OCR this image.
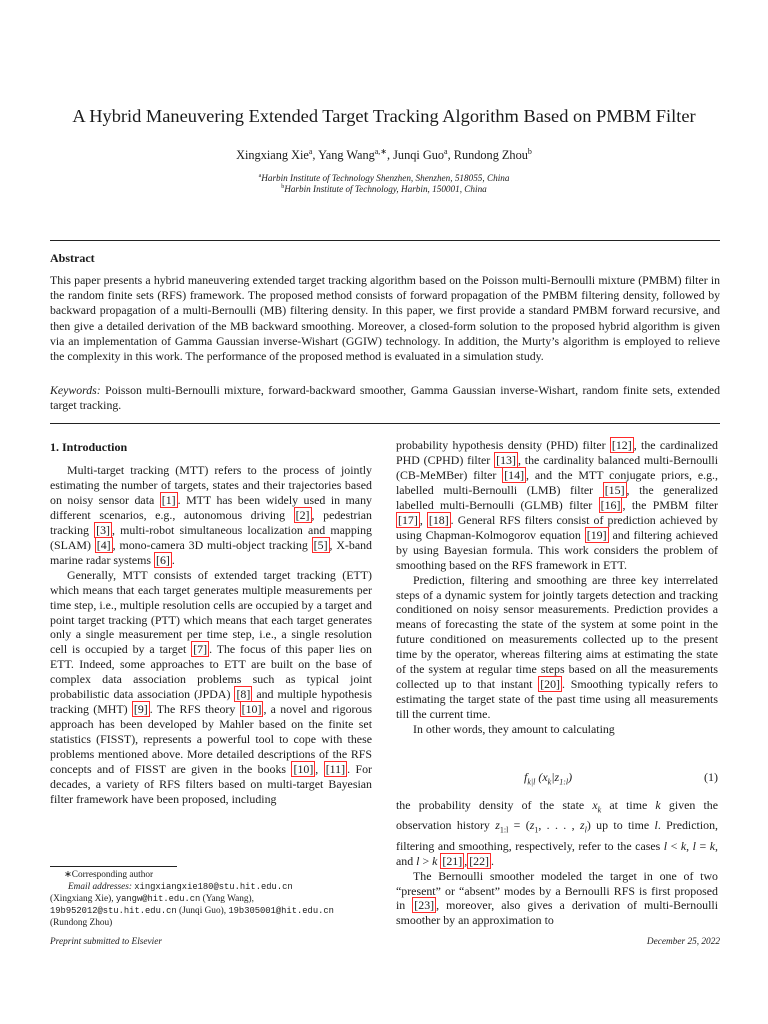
A Hybrid Maneuvering Extended Target Tracking Algorithm Based on PMBM Filter
Xingxiang Xie$^a$, Yang Wang$^{a,∗}$, Junqi Guo$^a$, Rundong Zhou$^b$
$^a$Harbin Institute of Technology Shenzhen, Shenzhen, 518055, China
$^b$Harbin Institute of Technology, Harbin, 150001, China
Abstract
This paper presents a hybrid maneuvering extended target tracking algorithm based on the Poisson multi-Bernoulli mixture (PMBM) filter in the random finite sets (RFS) framework. The proposed method consists of forward propagation of the PMBM filtering density, followed by backward propagation of a multi-Bernoulli (MB) filtering density. In this paper, we first provide a standard PMBM forward recursive, and then give a detailed derivation of the MB backward smoothing. Moreover, a closed-form solution to the proposed hybrid algorithm is given via an implementation of Gamma Gaussian inverse-Wishart (GGIW) technology. In addition, the Murty’s algorithm is employed to relieve the complexity in this work. The performance of the proposed method is evaluated in a simulation study.
Keywords: Poisson multi-Bernoulli mixture, forward-backward smoother, Gamma Gaussian inverse-Wishart, random finite sets, extended target tracking.
1. Introduction

Multi-target tracking (MTT) refers to the process of jointly estimating the number of targets, states and their trajectories based on noisy sensor data [1] . MTT has been widely used in many different scenarios, e.g., autonomous driving [2] , pedestrian tracking [3] , multi-robot simultaneous localization and mapping (SLAM) [4] , mono-camera 3D multi-object tracking [5] , X-band marine radar systems [6] .

Generally, MTT consists of extended target tracking (ETT) which means that each target generates multiple measurements per time step, i.e., multiple resolution cells are occupied by a target and point target tracking (PTT) which means that each target generates only a single measurement per time step, i.e., a single resolution cell is occupied by a target [7] . The focus of this paper lies on ETT. Indeed, some approaches to ETT are built on the base of complex data association problems such as typical joint probabilistic data association (JPDA) [8] and multiple hypothesis tracking (MHT) [9] . The RFS theory [10] , a novel and rigorous approach has been developed by Mahler based on the finite set statistics (FISST), represents a powerful tool to cope with these problems mentioned above. More detailed descriptions of the RFS concepts and of FISST are given in the books [10] , [11] . For decades, a variety of RFS filters based on multi-target Bayesian filter framework have been proposed, including

probability hypothesis density (PHD) filter [12] , the cardinalized PHD (CPHD) filter [13] , the cardinality balanced multi-Bernoulli (CB-MeMBer) filter [14] , and the MTT conjugate priors, e.g., labelled multi-Bernoulli (LMB) filter [15] , the generalized labelled multi-Bernoulli (GLMB) filter [16] , the PMBM filter [17] , [18] . General RFS filters consist of prediction achieved by using Chapman-Kolmogorov equation [19] and filtering achieved by using Bayesian formula. This work considers the problem of smoothing based on the RFS framework in ETT.

Prediction, filtering and smoothing are three key interrelated steps of a dynamic system for jointly targets detection and tracking conditioned on noisy sensor measurements. Prediction provides a means of forecasting the state of the system at some point in the future conditioned on measurements collected up to the present time by the operator, whereas filtering aims at estimating the state of the system at regular time steps based on all the measurements collected up to that instant [20] . Smoothing typically refers to estimating the target state of the past time using all measurements till the current time.

In other words, they amount to calculating

$f_{k|l}$ $(x_k|z_{1:l})$	(1)

the probability density of the state $x_k$ at time k given the observation history $z_{1:l} = (z_1$, . . . , $z_l$) up to time l. Prediction, filtering and smoothing, respectively, refer to the cases l < k, l = k, and l > k [21] , [22] .

The Bernoulli smoother modeled the target in one of two “present” or “absent” modes by a Bernoulli RFS is first proposed in [23] , moreover, also gives a derivation of multi-Bernoulli smoother by an approximation to

∗Corresponding author
Email addresses: xingxiangxie180@stu.hit.edu.cn
(Xingxiang Xie), yangw@hit.edu.cn (Yang Wang),
19b952012@stu.hit.edu.cn (Junqi Guo), 19b305001@hit.edu.cn
(Rundong Zhou)
Preprint submitted to Elsevier	December 25, 2022
